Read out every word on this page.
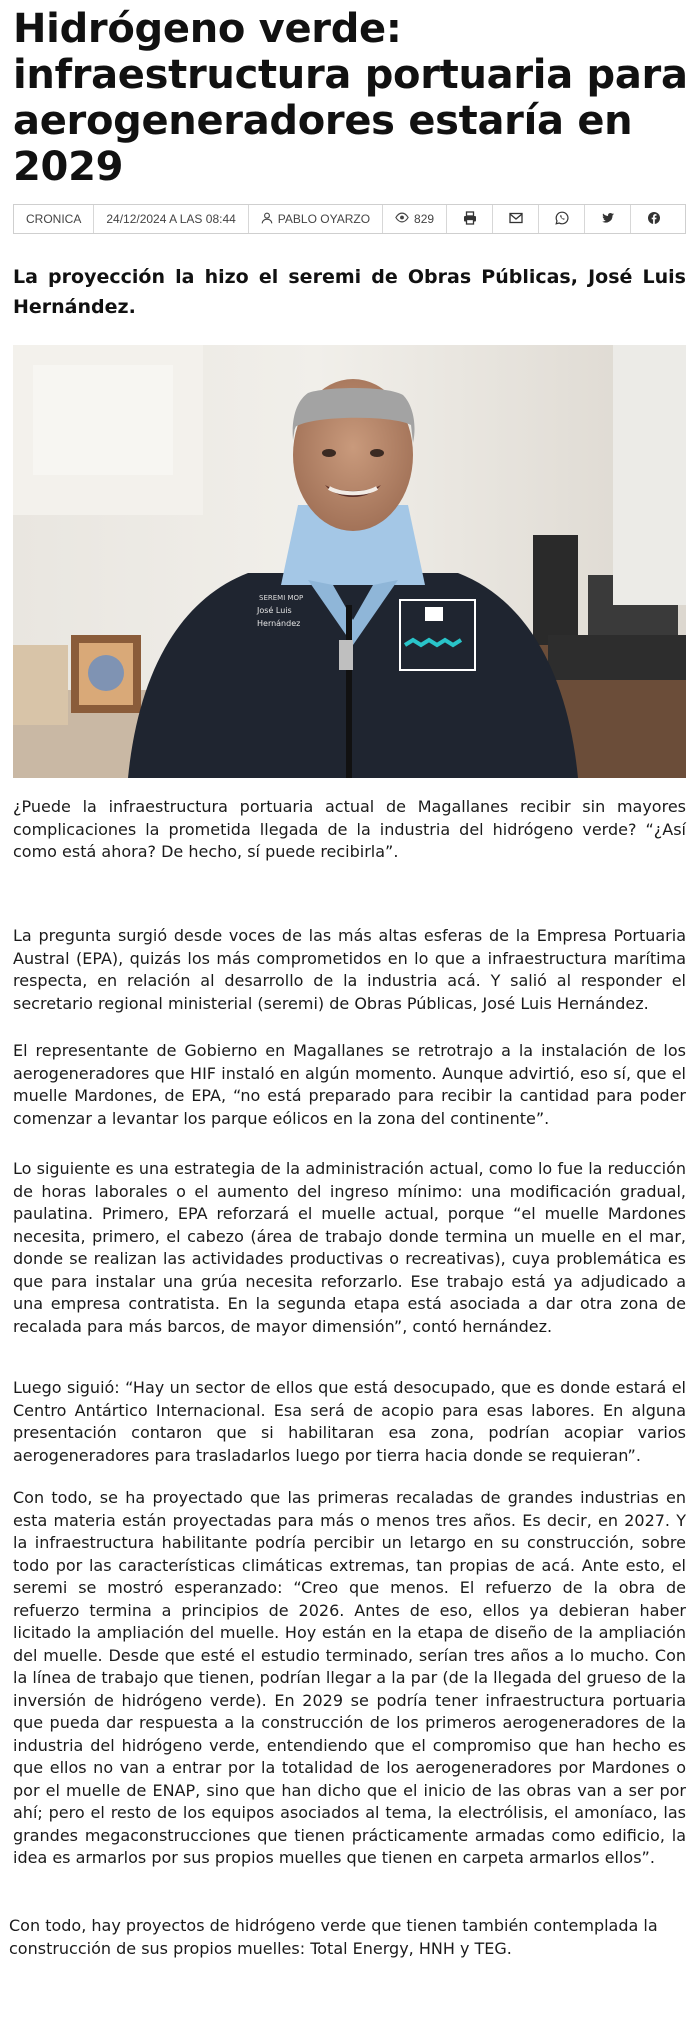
Hidrógeno verde: infraestructura portuaria para aerogeneradores estaría en 2029
CRONICA 24/12/2024 A LAS 08:44	PABLO OYARZO	829

La proyección la hizo el seremi de Obras Públicas, José Luis Hernández.

SEREMI MOP
José Luis
Hernández

¿Puede la infraestructura portuaria actual de Magallanes recibir sin mayores complicaciones la prometida llegada de la industria del hidrógeno verde? “¿Así como está ahora? De hecho, sí puede recibirla”.

La pregunta surgió desde voces de las más altas esferas de la Empresa Portuaria Austral (EPA), quizás los más comprometidos en lo que a infraestructura marítima respecta, en relación al desarrollo de la industria acá. Y salió al responder el secretario regional ministerial (seremi) de Obras Públicas, José Luis Hernández.

El representante de Gobierno en Magallanes se retrotrajo a la instalación de los aerogeneradores que HIF instaló en algún momento. Aunque advirtió, eso sí, que el muelle Mardones, de EPA, “no está preparado para recibir la cantidad para poder comenzar a levantar los parque eólicos en la zona del continente”.

Lo siguiente es una estrategia de la administración actual, como lo fue la reducción de horas laborales o el aumento del ingreso mínimo: una modificación gradual, paulatina. Primero, EPA reforzará el muelle actual, porque “el muelle Mardones necesita, primero, el cabezo (área de trabajo donde termina un muelle en el mar, donde se realizan las actividades productivas o recreativas), cuya problemática es que para instalar una grúa necesita reforzarlo. Ese trabajo está ya adjudicado a una empresa contratista. En la segunda etapa está asociada a dar otra zona de recalada para más barcos, de mayor dimensión”, contó hernández.

Luego siguió: “Hay un sector de ellos que está desocupado, que es donde estará el Centro Antártico Internacional. Esa será de acopio para esas labores. En alguna presentación contaron que si habilitaran esa zona, podrían acopiar varios aerogeneradores para trasladarlos luego por tierra hacia donde se requieran”.

Con todo, se ha proyectado que las primeras recaladas de grandes industrias en esta materia están proyectadas para más o menos tres años. Es decir, en 2027. Y la infraestructura habilitante podría percibir un letargo en su construcción, sobre todo por las características climáticas extremas, tan propias de acá. Ante esto, el seremi se mostró esperanzado: “Creo que menos. El refuerzo de la obra de refuerzo termina a principios de 2026. Antes de eso, ellos ya debieran haber licitado la ampliación del muelle. Hoy están en la etapa de diseño de la ampliación del muelle. Desde que esté el estudio terminado, serían tres años a lo mucho. Con la línea de trabajo que tienen, podrían llegar a la par (de la llegada del grueso de la inversión de hidrógeno verde). En 2029 se podría tener infraestructura portuaria que pueda dar respuesta a la construcción de los primeros aerogeneradores de la industria del hidrógeno verde, entendiendo que el compromiso que han hecho es que ellos no van a entrar por la totalidad de los aerogeneradores por Mardones o por el muelle de ENAP, sino que han dicho que el inicio de las obras van a ser por ahí; pero el resto de los equipos asociados al tema, la electrólisis, el amoníaco, las grandes megaconstrucciones que tienen prácticamente armadas como edificio, la idea es armarlos por sus propios muelles que tienen en carpeta armarlos ellos”.

Con todo, hay proyectos de hidrógeno verde que tienen también contemplada la construcción de sus propios muelles: Total Energy, HNH y TEG.
